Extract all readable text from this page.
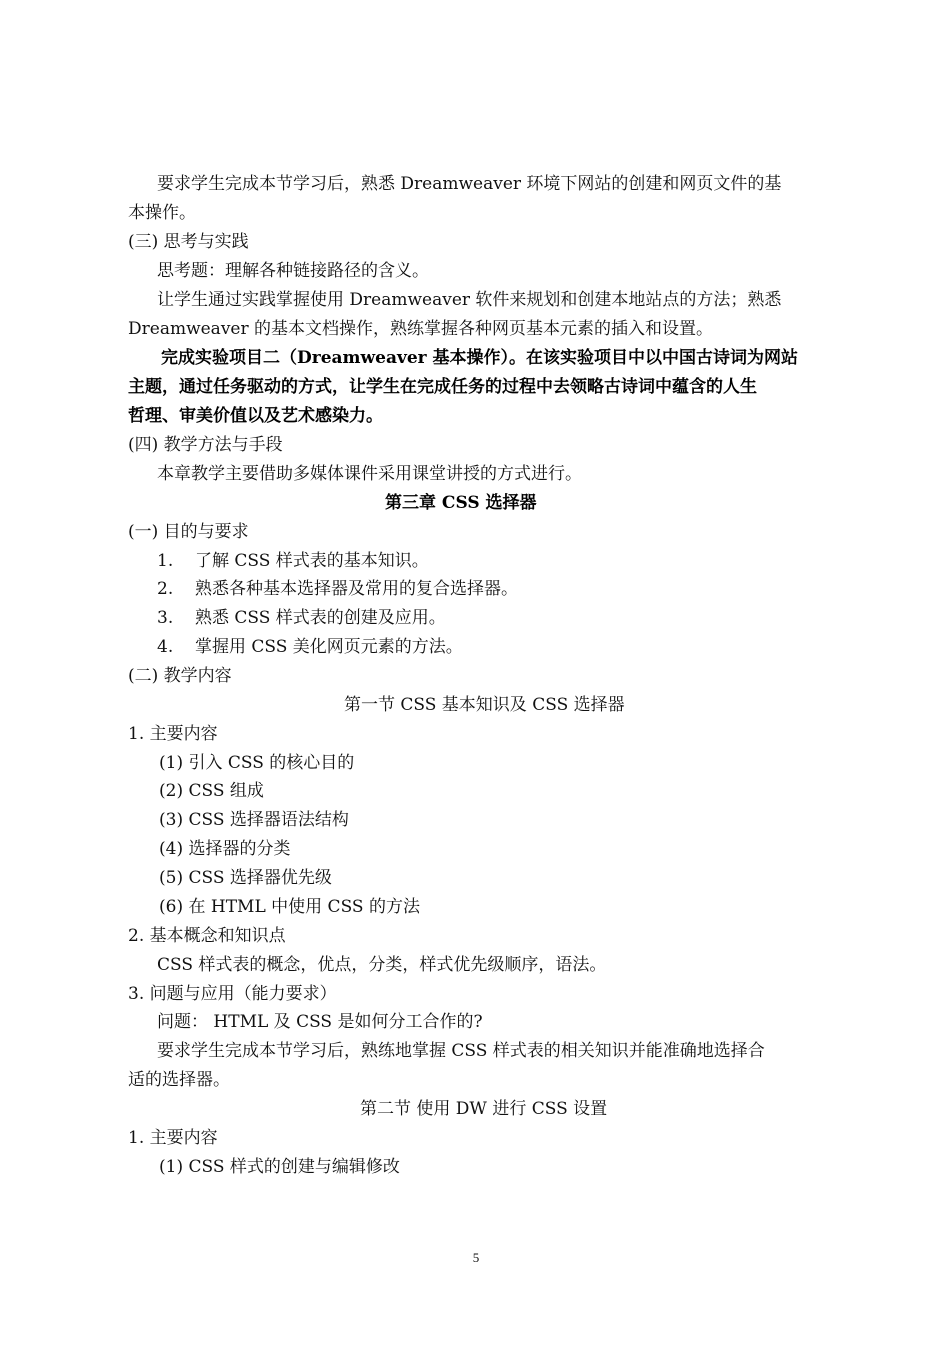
要求学生完成本节学习后，熟悉 Dreamweaver 环境下网站的创建和网页文件的基

本操作。

(三) 思考与实践

思考题：理解各种链接路径的含义。

让学生通过实践掌握使用 Dreamweaver 软件来规划和创建本地站点的方法；熟悉

Dreamweaver 的基本文档操作，熟练掌握各种网页基本元素的插入和设置。

完成实验项目二（Dreamweaver 基本操作）。在该实验项目中以中国古诗词为网站

主题，通过任务驱动的方式，让学生在完成任务的过程中去领略古诗词中蕴含的人生

哲理、审美价值以及艺术感染力。

(四) 教学方法与手段

本章教学主要借助多媒体课件采用课堂讲授的方式进行。

第三章 CSS 选择器

(一) 目的与要求

1. 了解 CSS 样式表的基本知识。

2. 熟悉各种基本选择器及常用的复合选择器。

3. 熟悉 CSS 样式表的创建及应用。

4. 掌握用 CSS 美化网页元素的方法。

(二) 教学内容

第一节 CSS 基本知识及 CSS 选择器

1. 主要内容

(1) 引入 CSS 的核心目的

(2) CSS 组成

(3) CSS 选择器语法结构

(4) 选择器的分类

(5) CSS 选择器优先级

(6) 在 HTML 中使用 CSS 的方法

2. 基本概念和知识点

CSS 样式表的概念，优点，分类，样式优先级顺序，语法。

3. 问题与应用（能力要求）

问题： HTML 及 CSS 是如何分工合作的?

要求学生完成本节学习后，熟练地掌握 CSS 样式表的相关知识并能准确地选择合

适的选择器。

第二节 使用 DW 进行 CSS 设置

1. 主要内容

(1) CSS 样式的创建与编辑修改

5
